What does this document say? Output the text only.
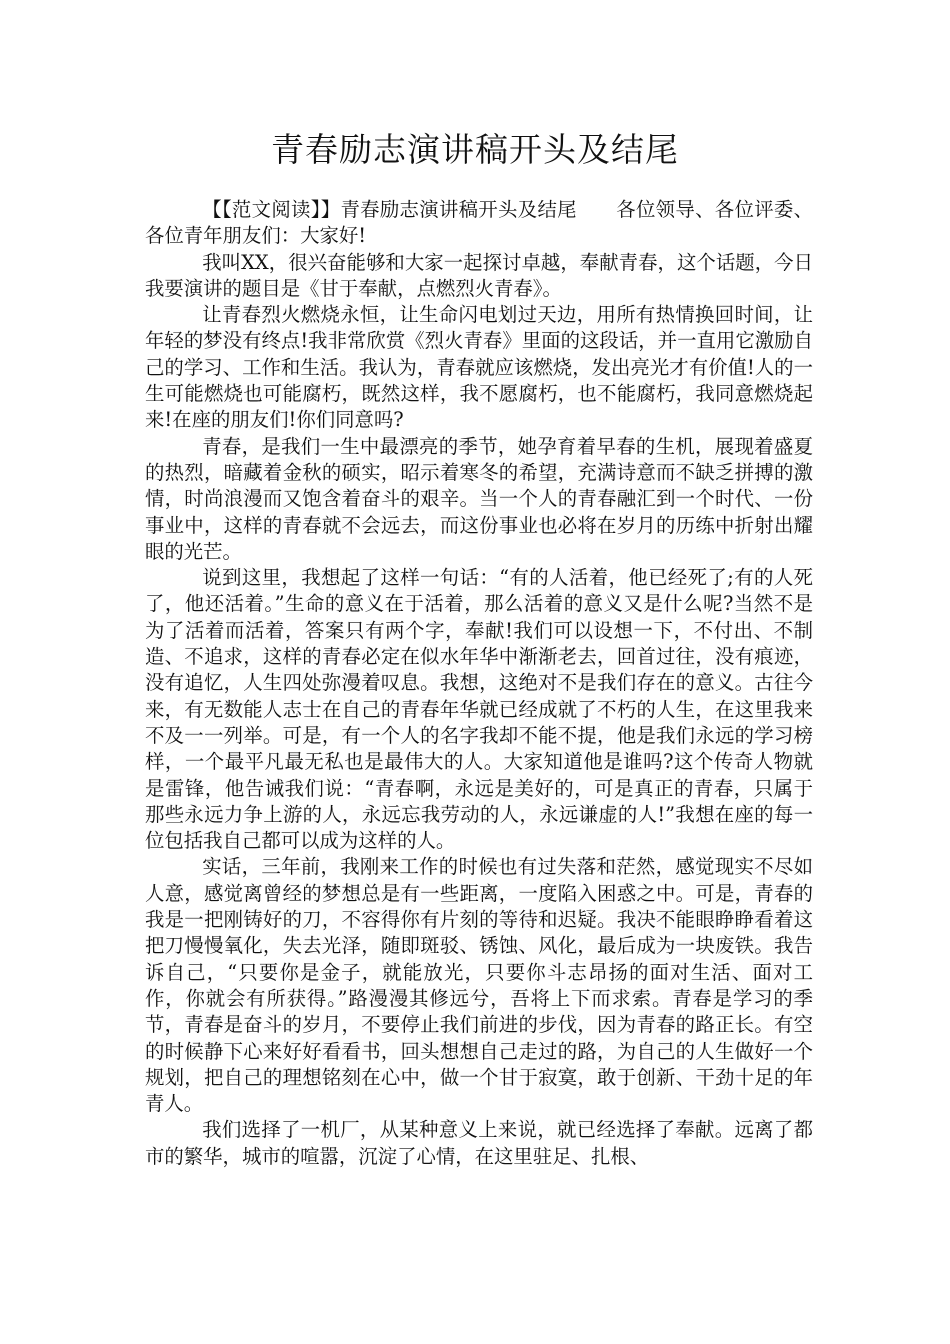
青春励志演讲稿开头及结尾

【【范文阅读】】青春励志演讲稿开头及结尾　　各位领导、各位评委、各位青年朋友们：大家好!

我叫XX，很兴奋能够和大家一起探讨卓越，奉献青春，这个话题，今日我要演讲的题目是《甘于奉献，点燃烈火青春》。

让青春烈火燃烧永恒，让生命闪电划过天边，用所有热情换回时间，让年轻的梦没有终点!我非常欣赏《烈火青春》里面的这段话，并一直用它激励自己的学习、工作和生活。我认为，青春就应该燃烧，发出亮光才有价值!人的一生可能燃烧也可能腐朽，既然这样，我不愿腐朽，也不能腐朽，我同意燃烧起来!在座的朋友们!你们同意吗?

青春，是我们一生中最漂亮的季节，她孕育着早春的生机，展现着盛夏的热烈，暗藏着金秋的硕实，昭示着寒冬的希望，充满诗意而不缺乏拼搏的激情，时尚浪漫而又饱含着奋斗的艰辛。当一个人的青春融汇到一个时代、一份事业中，这样的青春就不会远去，而这份事业也必将在岁月的历练中折射出耀眼的光芒。

说到这里，我想起了这样一句话：“有的人活着，他已经死了;有的人死了，他还活着。”生命的意义在于活着，那么活着的意义又是什么呢?当然不是为了活着而活着，答案只有两个字，奉献!我们可以设想一下，不付出、不制造、不追求，这样的青春必定在似水年华中渐渐老去，回首过往，没有痕迹，没有追忆，人生四处弥漫着叹息。我想，这绝对不是我们存在的意义。古往今来，有无数能人志士在自己的青春年华就已经成就了不朽的人生，在这里我来不及一一列举。可是，有一个人的名字我却不能不提，他是我们永远的学习榜样，一个最平凡最无私也是最伟大的人。大家知道他是谁吗?这个传奇人物就是雷锋，他告诫我们说：“青春啊，永远是美好的，可是真正的青春，只属于那些永远力争上游的人，永远忘我劳动的人，永远谦虚的人!”我想在座的每一位包括我自己都可以成为这样的人。

实话，三年前，我刚来工作的时候也有过失落和茫然，感觉现实不尽如人意，感觉离曾经的梦想总是有一些距离，一度陷入困惑之中。可是，青春的我是一把刚铸好的刀，不容得你有片刻的等待和迟疑。我决不能眼睁睁看着这把刀慢慢氧化，失去光泽，随即斑驳、锈蚀、风化，最后成为一块废铁。我告诉自己，“只要你是金子，就能放光，只要你斗志昂扬的面对生活、面对工作，你就会有所获得。”路漫漫其修远兮，吾将上下而求索。青春是学习的季节，青春是奋斗的岁月，不要停止我们前进的步伐，因为青春的路正长。有空的时候静下心来好好看看书，回头想想自己走过的路，为自己的人生做好一个规划，把自己的理想铭刻在心中，做一个甘于寂寞，敢于创新、干劲十足的年青人。

我们选择了一机厂，从某种意义上来说，就已经选择了奉献。远离了都市的繁华，城市的喧嚣，沉淀了心情，在这里驻足、扎根、
